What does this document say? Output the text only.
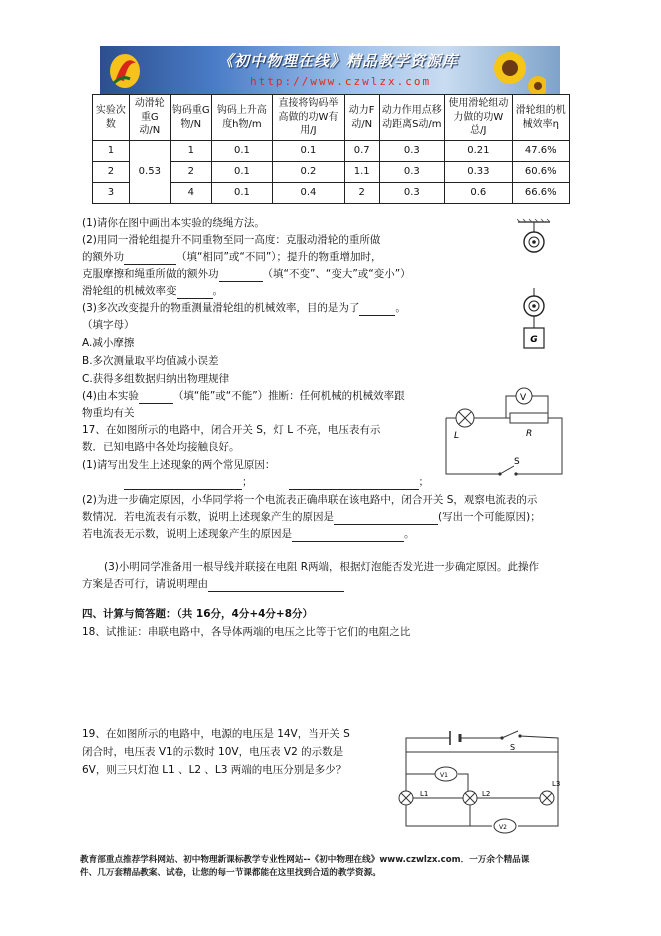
《初中物理在线》精品教学资源库
http://www.czwlzx.com
实验次数	动滑轮重G动/N	钩码重G物/N	钩码上升高度h物/m	直接将钩码举高做的功W有用/J	动力F动/N	动力作用点移动距离S动/m	使用滑轮组动力做的功W总/J	滑轮组的机械效率η
1	0.53	1	0.1	0.1	0.7	0.3	0.21	47.6%
2		2	0.1	0.2	1.1	0.3	0.33	60.6%
3		4	0.1	0.4	2	0.3	0.6	66.6%
(1)请你在图中画出本实验的绕绳方法。
(2)用同一滑轮组提升不同重物至同一高度：克服动滑轮的重所做
的额外功	（填“相同”或“不同”）；提升的物重增加时，
克服摩擦和绳重所做的额外功	（填“不变”、“变大”或“变小”）
滑轮组的机械效率变	。
(3)多次改变提升的物重测量滑轮组的机械效率，目的是为了	。
（填字母）
A.减小摩擦
B.多次测量取平均值减小误差
C.获得多组数据归纳出物理规律
(4)由本实验	（填“能”或“不能”）推断：任何机械的机械效率跟
物重均有关
G
17、在如图所示的电路中，闭合开关 S，灯 L 不亮，电压表有示
数．已知电路中各处均接触良好。
(1)请写出发生上述现象的两个常见原因：
；	；
(2)为进一步确定原因，小华同学将一个电流表正确串联在该电路中，闭合开关 S，观察电流表的示
数情况．若电流表有示数，说明上述现象产生的原因是	(写出一个可能原因)；
若电流表无示数，说明上述现象产生的原因是	。
(3)小明同学准备用一根导线并联接在电阻 R两端，根据灯泡能否发光进一步确定原因。此操作
方案是否可行，请说明理由
L
V
R
S
四、计算与简答题：（共 16分，4分+4分+8分）
18、试推证：串联电路中，各导体两端的电压之比等于它们的电阻之比
19、在如图所示的电路中，电源的电压是 14V，当开关 S
闭合时，电压表 V1的示数时 10V，电压表 V2 的示数是
6V，则三只灯泡 L1 、L2 、L3 两端的电压分别是多少？
S
V1
V2
L1	L2
L3
教育部重点推荐学科网站、初中物理新课标教学专业性网站--《初中物理在线》www.czwlzx.com．一万余个精品课
件、几万套精品教案、试卷，让您的每一节课都能在这里找到合适的教学资源。
